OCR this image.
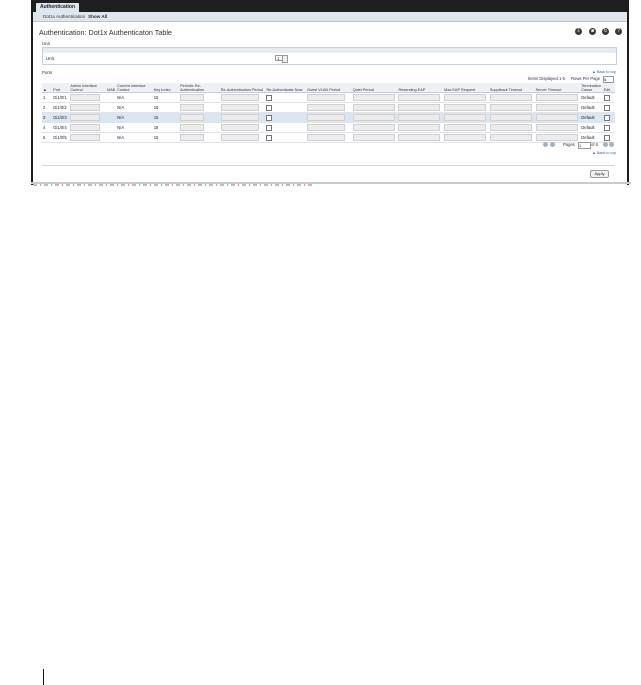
Authentication
Dot1x Authentication Show All
Authentication: Dot1x Authenticaton Table	⇩	■	↻	?
Unit
Unit	1
▲ Back to top
Ports
Items Displayed 1-5 Rows Per Page 5
▲	Port	Admin Interface Control	MAB	Current Interface Control	Key Index	Periodic Re-Authentication	Re-Authentication Period	Re-Authenticate Now	Guest VLAN Period	Quiet Period	Resending EAP	Max EAP Request	Supplicant Timeout	Server Timeout	Termination Cause	Edit
1	Gi1/0/1			N/A	15										Default	
2	Gi1/0/2			N/A	15										Default	
3	Gi1/0/3			N/A	15										Default	
4	Gi1/0/4			N/A	15										Default	
5	Gi1/0/5			N/A	15										Default	
Pages 1	of 6
▲ Back to top
Apply
